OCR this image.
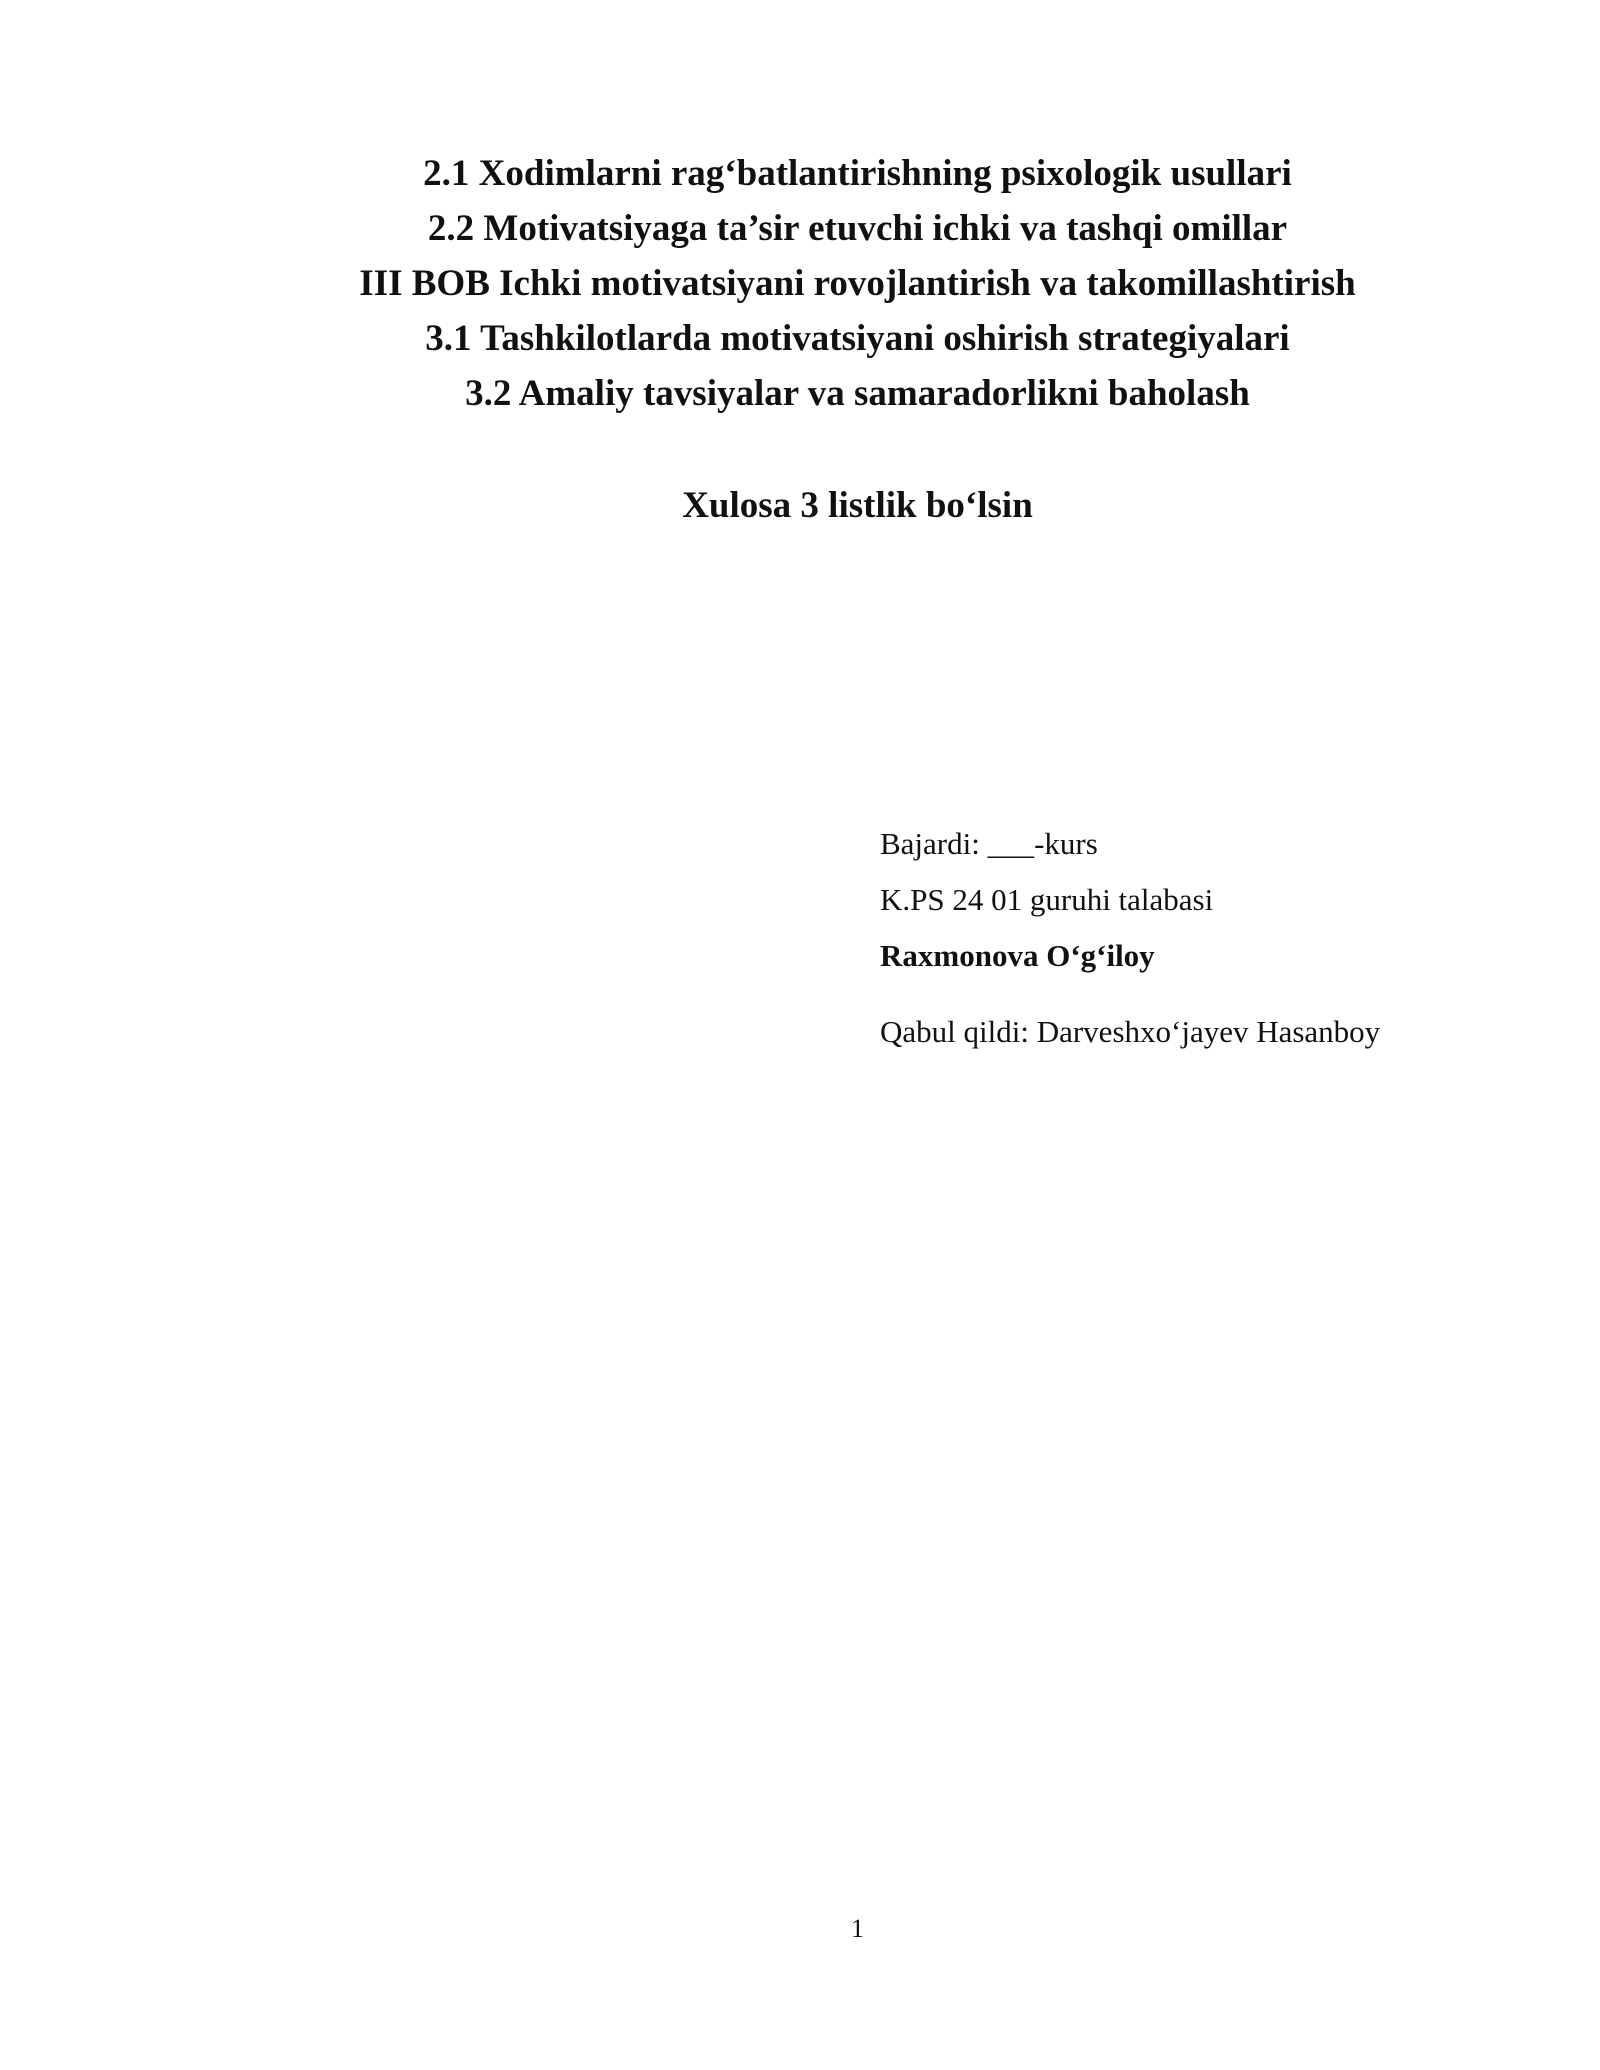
2.1 Xodimlarni rag‘batlantirishning psixologik usullari
2.2 Motivatsiyaga ta’sir etuvchi ichki va tashqi omillar
III BOB Ichki motivatsiyani rovojlantirish va takomillashtirish
3.1 Tashkilotlarda motivatsiyani oshirish strategiyalari
3.2 Amaliy tavsiyalar va samaradorlikni baholash
Xulosa 3 listlik bo‘lsin
Bajardi: ___-kurs
K.PS 24 01 guruhi talabasi
Raxmonova O‘g‘iloy
Qabul qildi: Darveshxo‘jayev Hasanboy
1
